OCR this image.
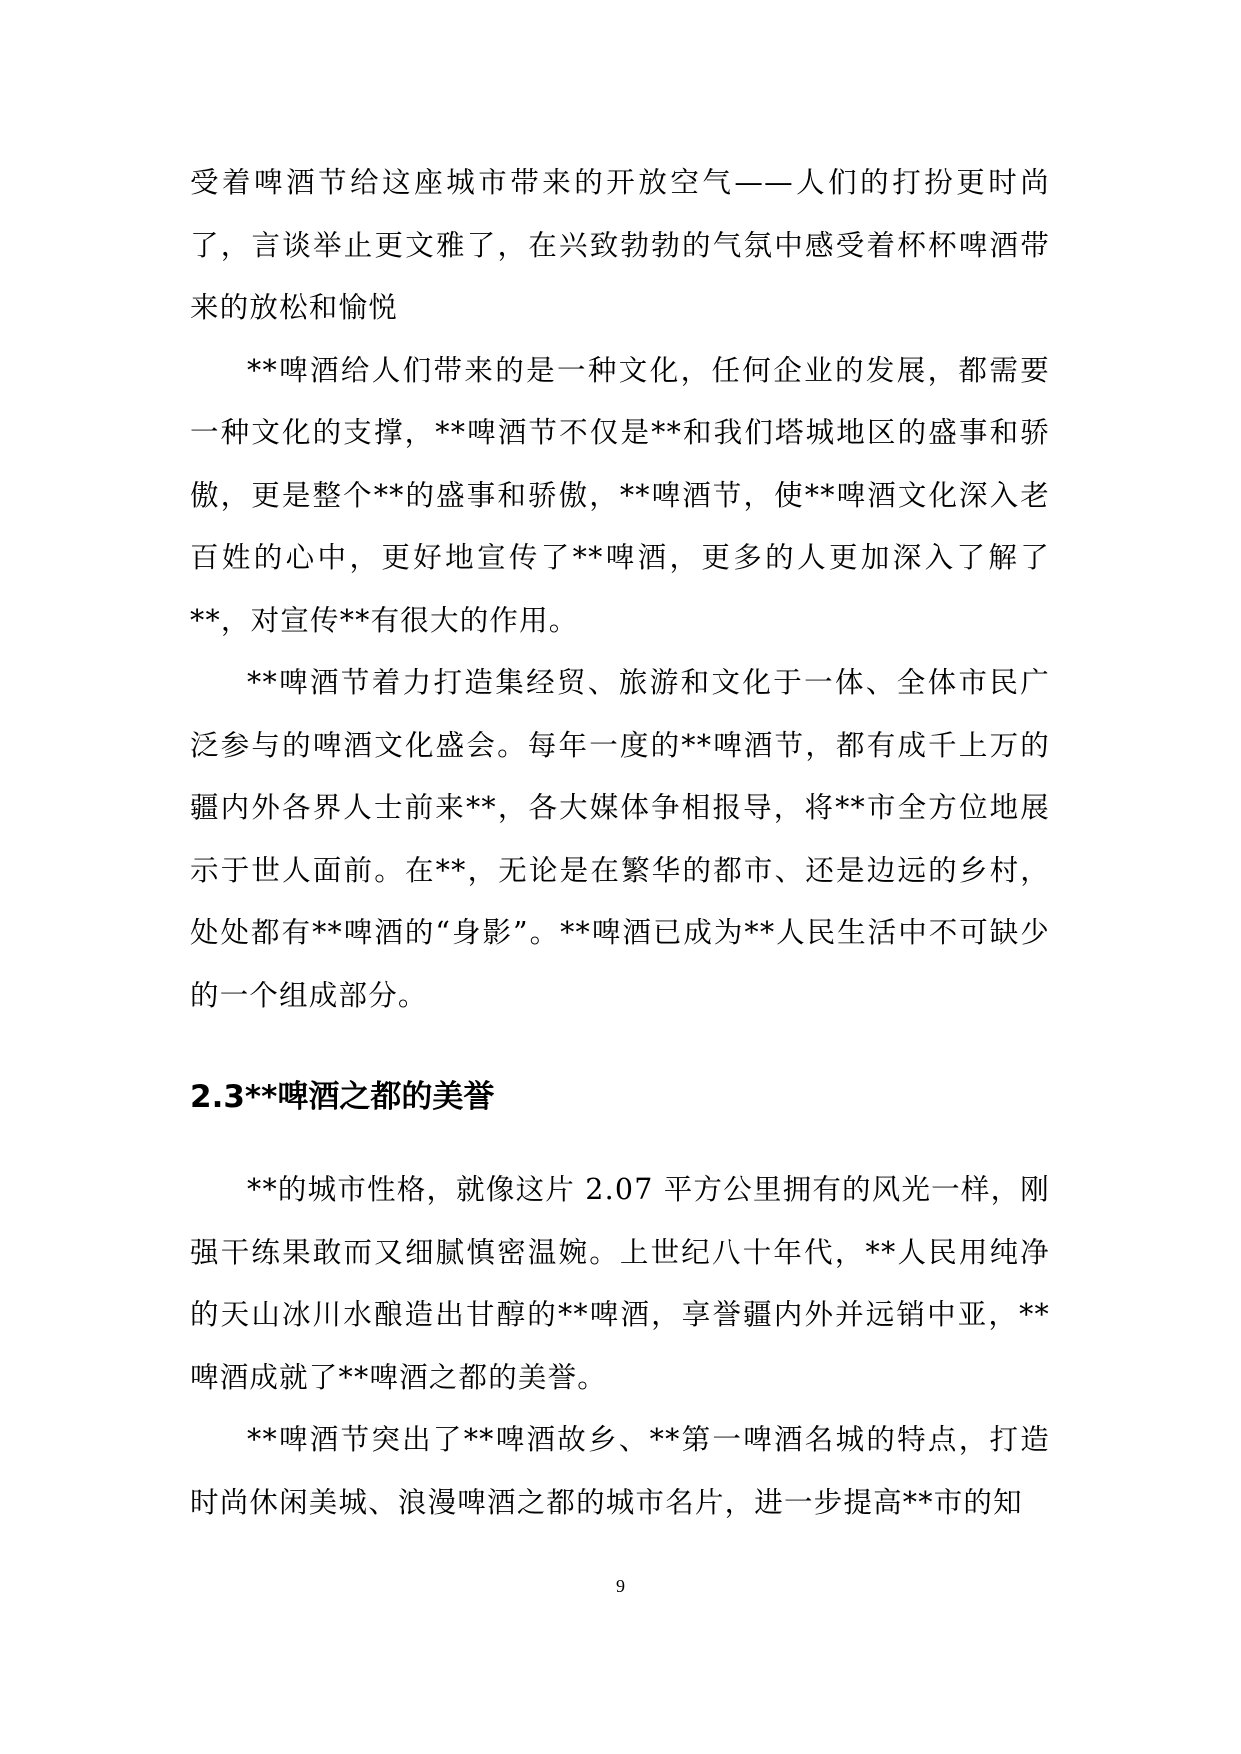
受着啤酒节给这座城市带来的开放空气——人们的打扮更时尚了，言谈举止更文雅了，在兴致勃勃的气氛中感受着杯杯啤酒带来的放松和愉悦

**啤酒给人们带来的是一种文化，任何企业的发展，都需要一种文化的支撑，**啤酒节不仅是**和我们塔城地区的盛事和骄傲，更是整个**的盛事和骄傲，**啤酒节，使**啤酒文化深入老百姓的心中，更好地宣传了**啤酒，更多的人更加深入了解了**，对宣传**有很大的作用。

**啤酒节着力打造集经贸、旅游和文化于一体、全体市民广泛参与的啤酒文化盛会。每年一度的**啤酒节，都有成千上万的疆内外各界人士前来**，各大媒体争相报导，将**市全方位地展示于世人面前。在**，无论是在繁华的都市、还是边远的乡村，处处都有**啤酒的“身影”。**啤酒已成为**人民生活中不可缺少的一个组成部分。

2.3**啤酒之都的美誉

**的城市性格，就像这片 2.07 平方公里拥有的风光一样，刚强干练果敢而又细腻慎密温婉。上世纪八十年代，**人民用纯净的天山冰川水酿造出甘醇的**啤酒，享誉疆内外并远销中亚，**啤酒成就了**啤酒之都的美誉。

**啤酒节突出了**啤酒故乡、**第一啤酒名城的特点，打造时尚休闲美城、浪漫啤酒之都的城市名片，进一步提高**市的知

9
